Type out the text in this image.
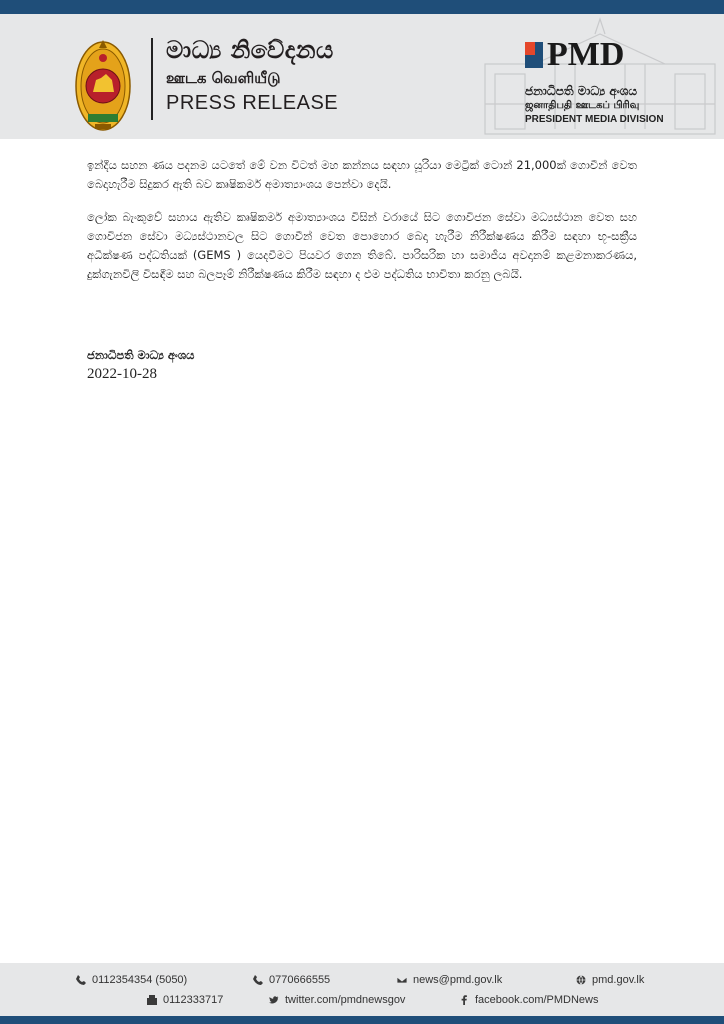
මාධ්‍ය නිවේදනය
ஊடக வெளியீடு
PRESS RELEASE
PMD
ජනාධිපති මාධ්‍ය අංශය
ஜனாதிபதி ஊடகப் பிரிவு
PRESIDENT MEDIA DIVISION

ඉන්දීය සහන ණය පදනම යටතේ මේ වන විටත් මහ කන්නය සඳහා යූරියා මෙට්‍රික් ටොන් 21,000ක් ගොවීන් වෙත බෙදාහැරීම සිදුකර ඇති බව කෘෂිකර්ම අමාත්‍යාංශය පෙන්වා දෙයි.

ලෝක බැංකුවේ සහාය ඇතිව කෘෂිකර්ම අමාත්‍යාංශය විසින් වරායේ සිට ගොවිජන සේවා මධ්‍යස්ථාන වෙත සහ ගොවිජන සේවා මධ්‍යස්ථානවල සිට ගොවීන් වෙත පොහොර බෙදා හැරීම නිරීක්ෂණය කිරීම සඳහා භූ-සක්‍රීය අධීක්ෂණ පද්ධතියක් (GEMS ) යෙදවීමට පියවර ගෙන තිබේ. පාරිසරික හා සමාජීය අවදානම් කළමනාකරණය, දුක්ගැනවිලි විසඳීම සහ බලපෑම් නිරීක්ෂණය කිරීම සඳහා ද එම පද්ධතිය භාවිතා කරනු ලබයි.

ජනාධිපති මාධ්‍ය අංශය
2022-10-28
0112354354 (5050)	0770666555	news@pmd.gov.lk	pmd.gov.lk
0112333717	twitter.com/pmdnewsgov	facebook.com/PMDNews
